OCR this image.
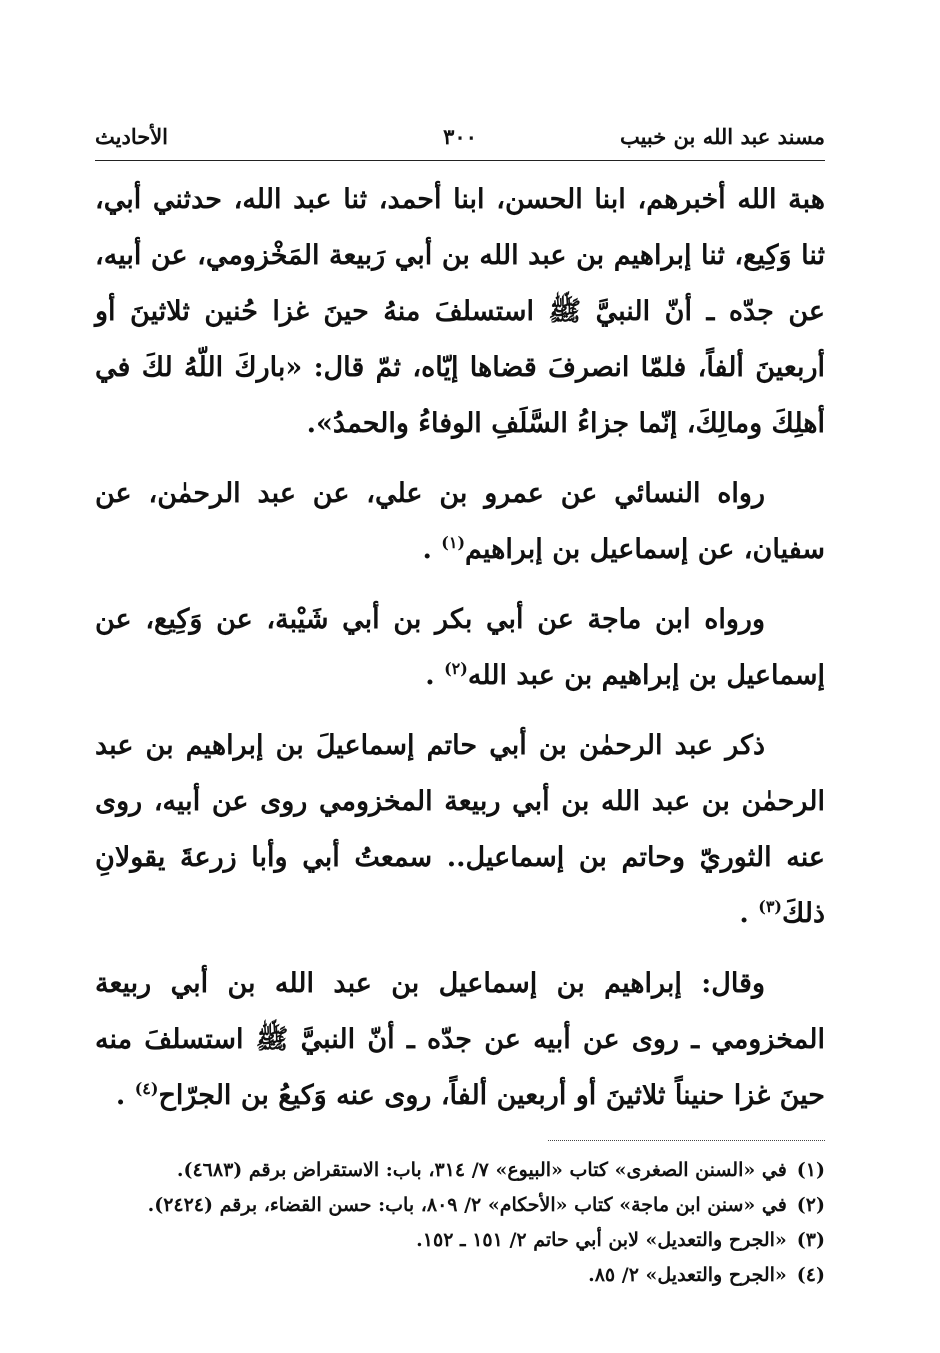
مسند عبد الله بن خبيب
٣٠٠
الأحاديث

هبة الله أخبرهم، ابنا الحسن، ابنا أحمد، ثنا عبد الله، حدثني أبي، ثنا وَكِيع، ثنا إبراهيم بن عبد الله بن أبي رَبيعة المَخْزومي، عن أبيه، عن جدّه ـ أنّ النبيَّ ﷺ استسلفَ منهُ حينَ غزا حُنين ثلاثينَ أو أربعينَ ألفاً، فلمّا انصرفَ قضاها إيّاه، ثمّ قال: «باركَ اللّهُ لكَ في أهلِكَ ومالِكَ، إنّما جزاءُ السَّلَفِ الوفاءُ والحمدُ».

رواه النسائي عن عمرو بن علي، عن عبد الرحمٰن، عن سفيان، عن إسماعيل بن إبراهيم$^{(١)}$ .

ورواه ابن ماجة عن أبي بكر بن أبي شَيْبة، عن وَكِيع، عن إسماعيل بن إبراهيم بن عبد الله$^{(٢)}$ .

ذكر عبد الرحمٰن بن أبي حاتم إسماعيلَ بن إبراهيم بن عبد الرحمٰن بن عبد الله بن أبي ربيعة المخزومي روى عن أبيه، روى عنه الثوريّ وحاتم بن إسماعيل.. سمعتُ أبي وأبا زرعةَ يقولانِ ذلكَ$^{(٣)}$ .

وقال: إبراهيم بن إسماعيل بن عبد الله بن أبي ربيعة المخزومي ـ روى عن أبيه عن جدّه ـ أنّ النبيَّ ﷺ استسلفَ منه حينَ غزا حنيناً ثلاثينَ أو أربعين ألفاً، روى عنه وَكيعُ بن الجرّاح$^{(٤)}$ .

(١)في «السنن الصغرى» كتاب «البيوع» ٧/ ٣١٤، باب: الاستقراض برقم (٤٦٨٣).

(٢)في «سنن ابن ماجة» كتاب «الأحكام» ٢/ ٨٠٩، باب: حسن القضاء، برقم (٢٤٢٤).

(٣)«الجرح والتعديل» لابن أبي حاتم ٢/ ١٥١ ـ ١٥٢.

(٤)«الجرح والتعديل» ٢/ ٨٥.
